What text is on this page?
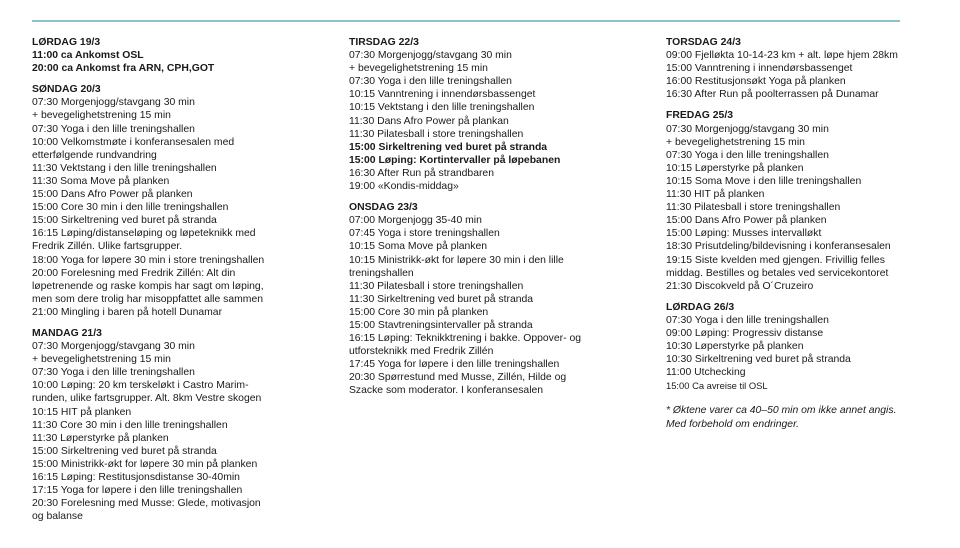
LØRDAG 19/3
11:00 ca Ankomst OSL
20:00 ca Ankomst fra ARN, CPH,GOT
SØNDAG 20/3
07:30 Morgenjogg/stavgang 30 min
+ bevegelighetstrening 15 min
07:30 Yoga i den lille treningshallen
10:00 Velkomstmøte i konferansesalen med
etterfølgende rundvandring
11:30 Vektstang i den lille treningshallen
11:30 Soma Move på planken
15:00 Dans Afro Power på planken
15:00 Core 30 min i den lille treningshallen
15:00 Sirkeltrening ved buret på stranda
16:15 Løping/distanseløping og løpeteknikk med
Fredrik Zillén. Ulike fartsgrupper.
18:00 Yoga for løpere 30 min i store treningshallen
20:00 Forelesning med Fredrik Zillén: Alt din
løpetrenende og raske kompis har sagt om løping,
men som dere trolig har misoppfattet alle sammen
21:00 Mingling i baren på hotell Dunamar
MANDAG 21/3
07:30 Morgenjogg/stavgang 30 min
+ bevegelighetstrening 15 min
07:30 Yoga i den lille treningshallen
10:00 Løping: 20 km terskeløkt i Castro Marim-
runden, ulike fartsgrupper. Alt. 8km Vestre skogen
10:15 HIT på planken
11:30 Core 30 min i den lille treningshallen
11:30 Løperstyrke på planken
15:00 Sirkeltrening ved buret på stranda
15:00 Ministrikk-økt for løpere 30 min på planken
16:15 Løping: Restitusjonsdistanse 30-40min
17:15 Yoga for løpere i den lille treningshallen
20:30 Forelesning med Musse: Glede, motivasjon
og balanse
TIRSDAG 22/3
07:30 Morgenjogg/stavgang 30 min
+ bevegelighetstrening 15 min
07:30 Yoga i den lille treningshallen
10:15 Vanntrening i innendørsbassenget
10:15 Vektstang i den lille treningshallen
11:30 Dans Afro Power på plankan
11:30 Pilatesball i store treningshallen
15:00 Sirkeltrening ved buret på stranda
15:00 Løping: Kortintervaller på løpebanen
16:30 After Run på strandbaren
19:00 «Kondis-middag»
ONSDAG 23/3
07:00 Morgenjogg 35-40 min
07:45 Yoga i store treningshallen
10:15 Soma Move på planken
10:15 Ministrikk-økt for løpere 30 min i den lille
treningshallen
11:30 Pilatesball i store treningshallen
11:30 Sirkeltrening ved buret på stranda
15:00 Core 30 min på planken
15:00 Stavtreningsintervaller på stranda
16:15 Løping: Teknikktrening i bakke. Oppover- og
utforsteknikk med Fredrik Zillén
17:45 Yoga for løpere i den lille treningshallen
20:30 Spørrestund med Musse, Zillén, Hilde og
Szacke som moderator. I konferansesalen
TORSDAG 24/3
09:00 Fjelløkta 10-14-23 km + alt. løpe hjem 28km
15:00 Vanntrening i innendørsbassenget
16:00 Restitusjonsøkt Yoga på planken
16:30 After Run på poolterrassen på Dunamar
FREDAG 25/3
07:30 Morgenjogg/stavgang 30 min
+ bevegelighetstrening 15 min
07:30 Yoga i den lille treningshallen
10:15 Løperstyrke på planken
10:15 Soma Move i den lille treningshallen
11:30 HIT på planken
11:30 Pilatesball i store treningshallen
15:00 Dans Afro Power på planken
15:00 Løping: Musses intervalløkt
18:30 Prisutdeling/bildevisning i konferansesalen
19:15 Siste kvelden med gjengen. Frivillig felles
middag. Bestilles og betales ved servicekontoret
21:30 Discokveld på O´Cruzeiro
LØRDAG 26/3
07:30 Yoga i den lille treningshallen
09:00 Løping: Progressiv distanse
10:30 Løperstyrke på planken
10:30 Sirkeltrening ved buret på stranda
11:00 Utchecking
15:00 Ca avreise til OSL
* Øktene varer ca 40–50 min om ikke annet angis.
Med forbehold om endringer.
